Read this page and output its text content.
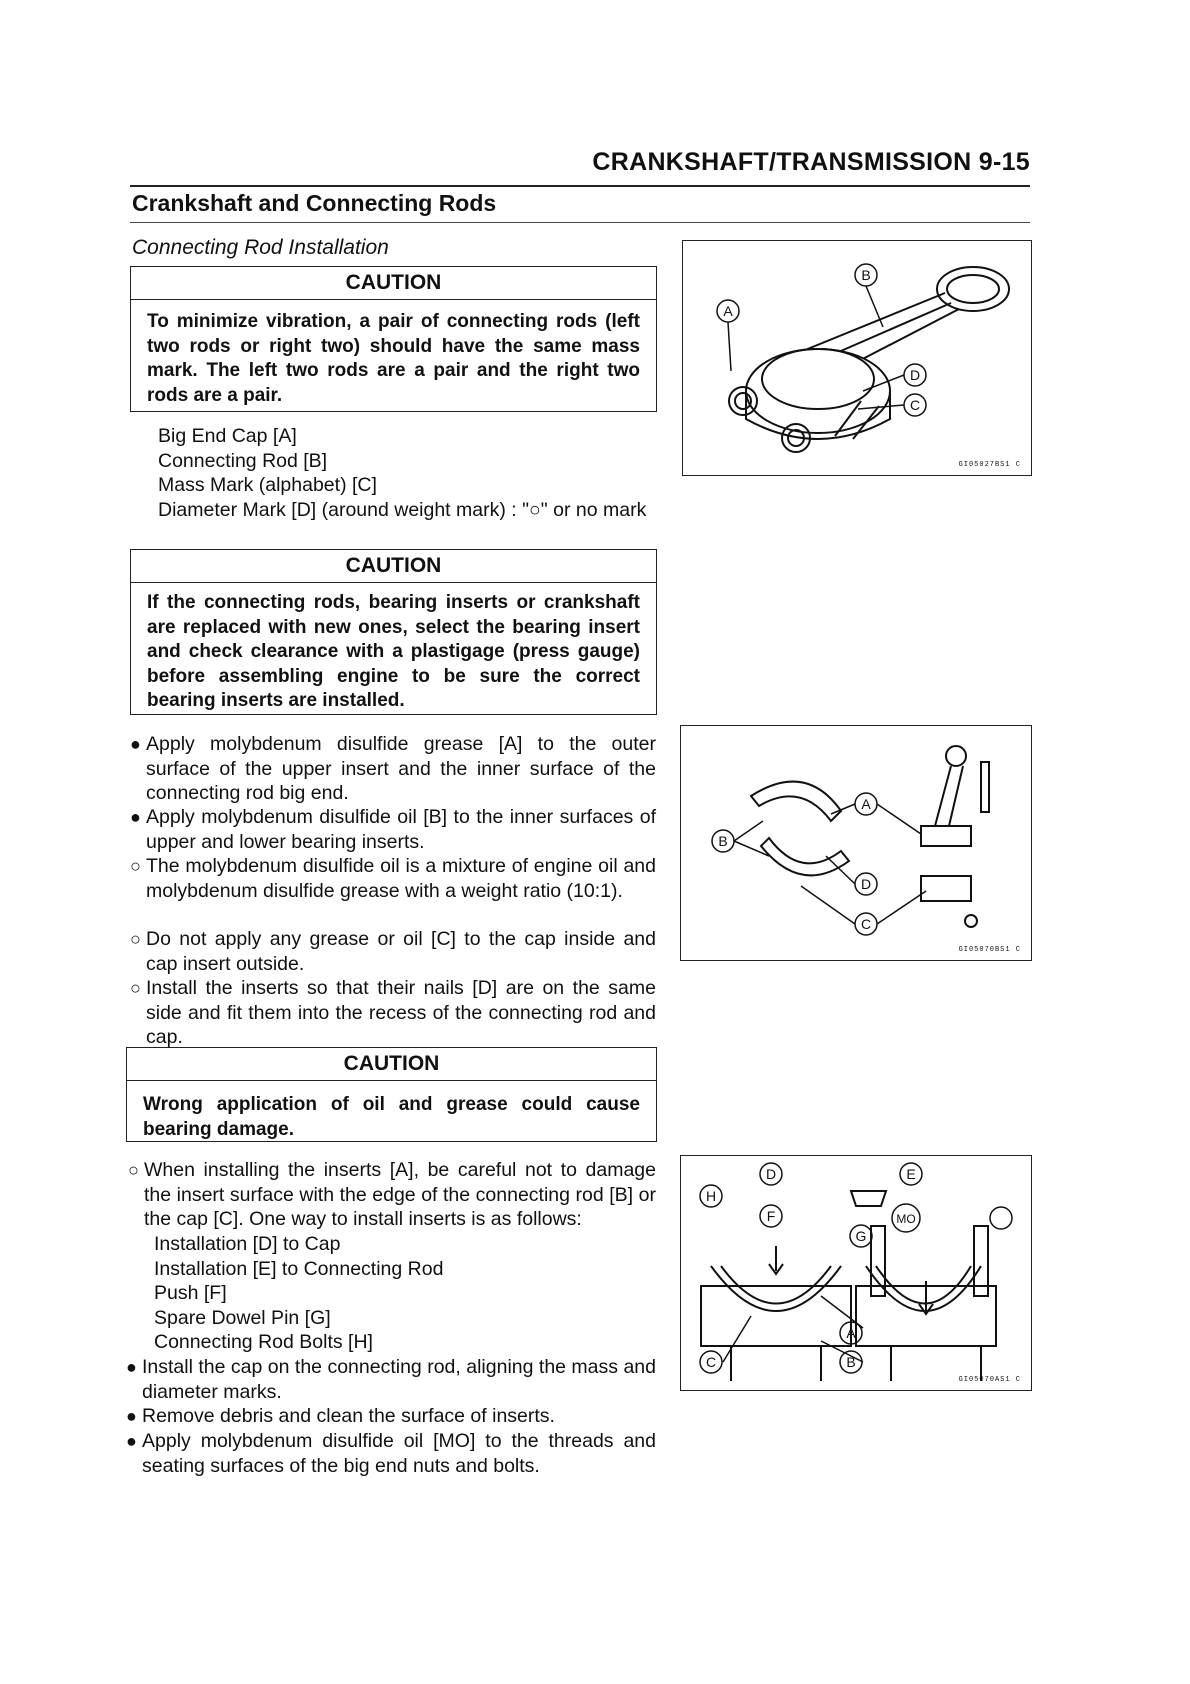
CRANKSHAFT/TRANSMISSION 9-15
Crankshaft and Connecting Rods
Connecting Rod Installation
CAUTION
To minimize vibration, a pair of connecting rods (left two rods or right two) should have the same mass mark. The left two rods are a pair and the right two rods are a pair.
Big End Cap [A]
Connecting Rod [B]
Mass Mark (alphabet) [C]
Diameter Mark [D] (around weight mark) : "○" or no mark
CAUTION
If the connecting rods, bearing inserts or crankshaft are replaced with new ones, select the bearing insert and check clearance with a plastigage (press gauge) before assembling engine to be sure the correct bearing inserts are installed.
● Apply molybdenum disulfide grease [A] to the outer surface of the upper insert and the inner surface of the connecting rod big end.
● Apply molybdenum disulfide oil [B] to the inner surfaces of upper and lower bearing inserts.
○ The molybdenum disulfide oil is a mixture of engine oil and molybdenum disulfide grease with a weight ratio (10:1).
○ Do not apply any grease or oil [C] to the cap inside and cap insert outside.
○ Install the inserts so that their nails [D] are on the same side and fit them into the recess of the connecting rod and cap.
CAUTION
Wrong application of oil and grease could cause bearing damage.
○ When installing the inserts [A], be careful not to damage the insert surface with the edge of the connecting rod [B] or the cap [C]. One way to install inserts is as follows:
Installation [D] to Cap
Installation [E] to Connecting Rod
Push [F]
Spare Dowel Pin [G]
Connecting Rod Bolts [H]
● Install the cap on the connecting rod, aligning the mass and diameter marks.
● Remove debris and clean the surface of inserts.
● Apply molybdenum disulfide oil [MO] to the threads and seating surfaces of the big end nuts and bolts.
A
B
C
D
GI05027BS1 C
A
B
C
D
GI05070BS1 C
A
B
C
D	E
F
G
H
MO
GI05070AS1 C
